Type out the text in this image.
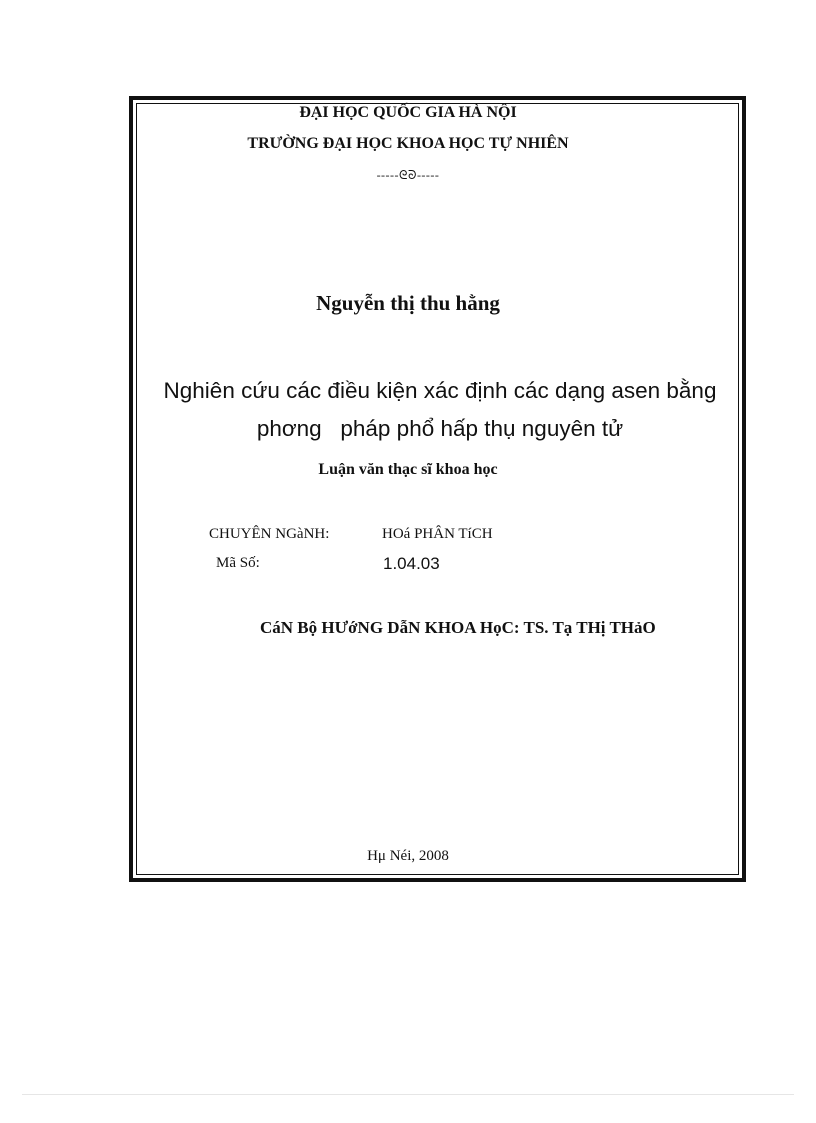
ĐẠI HỌC QUỐC GIA HÀ NỘI
TRƯỜNG ĐẠI HỌC KHOA HỌC TỰ NHIÊN
-----ᘓᘐ-----
Nguyễn thị thu hằng
Nghiên cứu các điều kiện xác định các dạng asen bằng
phơng   pháp phổ hấp thụ nguyên tử
Luận văn thạc sĩ khoa học
CHUYÊN NGàNH:	HOá PHÂN TíCH
Mã Số:	1.04.03
CáN Bộ HƯớNG DẫN KHOA HọC: TS. Tạ THị THảO
Hμ Néi, 2008
